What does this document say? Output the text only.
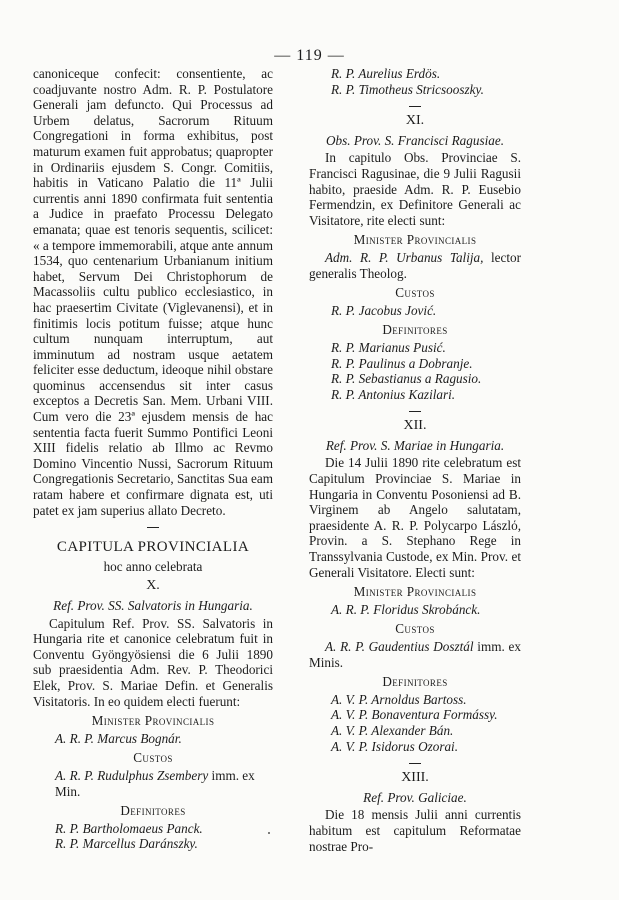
— 119 —

canoniceque confecit: consentiente, ac coadjuvante nostro Adm. R. P. Postulatore Generali jam defuncto. Qui Processus ad Urbem delatus, Sacrorum Rituum Congregationi in forma exhibitus, post maturum examen fuit approbatus; quapropter in Ordinariis ejusdem S. Congr. Comitiis, habitis in Vaticano Palatio die 11ª Julii currentis anni 1890 confirmata fuit sententia a Judice in praefato Processu Delegato emanata; quae est tenoris sequentis, scilicet: « a tempore immemorabili, atque ante annum 1534, quo centenarium Urbanianum initium habet, Servum Dei Christophorum de Macassoliis cultu publico ecclesiastico, in hac praesertim Civitate (Viglevanensi), et in finitimis locis potitum fuisse; atque hunc cultum nunquam interruptum, aut imminutum ad nostram usque aetatem feliciter esse deductum, ideoque nihil obstare quominus accensendus sit inter casus exceptos a Decretis San. Mem. Urbani VIII. Cum vero die 23ª ejusdem mensis de hac sententia facta fuerit Summo Pontifici Leoni XIII fidelis relatio ab Illmo ac Revmo Domino Vincentio Nussi, Sacrorum Rituum Congregationis Secretario, Sanctitas Sua eam ratam habere et confirmare dignata est, uti patet ex jam superius allato Decreto.

CAPITULA PROVINCIALIA

hoc anno celebrata

X.

Ref. Prov. SS. Salvatoris in Hungaria.

Capitulum Ref. Prov. SS. Salvatoris in Hungaria rite et canonice celebratum fuit in Conventu Gyöngyösiensi die 6 Julii 1890 sub praesidentia Adm. Rev. P. Theodorici Elek, Prov. S. Mariae Defin. et Generalis Visitatoris. In eo quidem electi fuerunt:

Minister Provincialis

A. R. P. Marcus Bognár.

Custos

A. R. P. Rudulphus Zsembery imm. ex Min.

Definitores

R. P. Bartholomaeus Panck.

R. P. Marcellus Daránszky.

R. P. Aurelius Erdös.

R. P. Timotheus Stricsooszky.

XI.

Obs. Prov. S. Francisci Ragusiae.

In capitulo Obs. Provinciae S. Francisci Ragusinae, die 9 Julii Ragusii habito, praeside Adm. R. P. Eusebio Fermendzin, ex Definitore Generali ac Visitatore, rite electi sunt:

Minister Provincialis

Adm. R. P. Urbanus Talija, lector generalis Theolog.

Custos

R. P. Jacobus Jović.

Definitores

R. P. Marianus Pusić.

R. P. Paulinus a Dobranje.

R. P. Sebastianus a Ragusio.

R. P. Antonius Kazilari.

XII.

Ref. Prov. S. Mariae in Hungaria.

Die 14 Julii 1890 rite celebratum est Capitulum Provinciae S. Mariae in Hungaria in Conventu Posoniensi ad B. Virginem ab Angelo salutatam, praesidente A. R. P. Polycarpo Lászlό, Provin. a S. Stephano Rege in Transsylvania Custode, ex Min. Prov. et Generali Visitatore. Electi sunt:

Minister Provincialis

A. R. P. Floridus Skrobánck.

Custos

A. R. P. Gaudentius Dosztál imm. ex Minis.

Definitores

A. V. P. Arnoldus Bartoss.

A. V. P. Bonaventura Formássy.

A. V. P. Alexander Bán.

A. V. P. Isidorus Ozorai.

XIII.

Ref. Prov. Galiciae.

Die 18 mensis Julii anni currentis habitum est capitulum Reformatae nostrae Pro-
